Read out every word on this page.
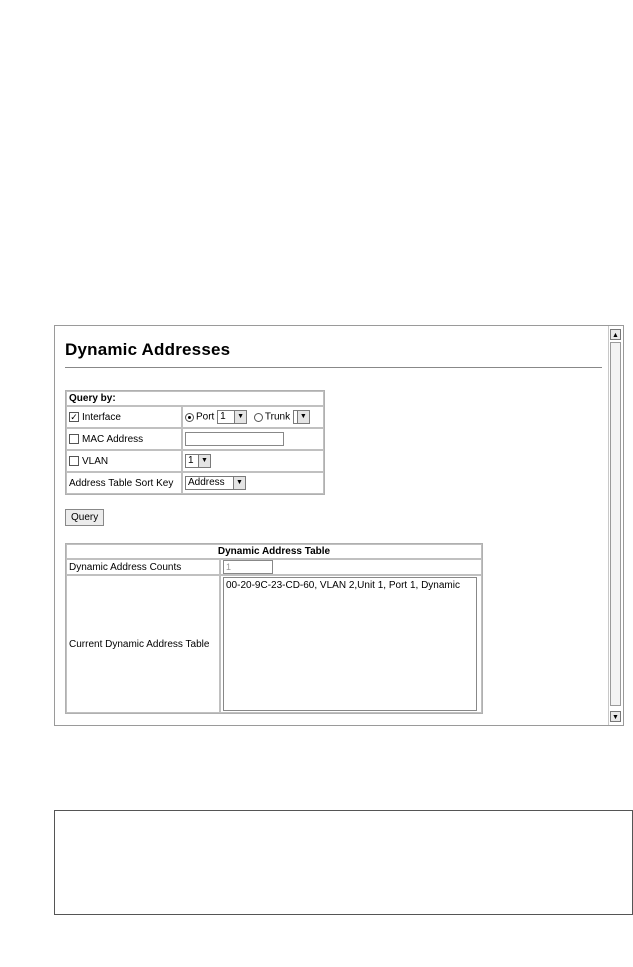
Dynamic Addresses
Query by:	
✓ Interface	Port 1 ▼ Trunk ▼

MAC Address	
VLAN	1 ▼

Address Table Sort Key	Address ▼
Query
Dynamic Address Table	
Dynamic Address Counts	1
Current Dynamic Address Table	00-20-9C-23-CD-60, VLAN 2,Unit 1, Port 1, Dynamic
▲
▼
